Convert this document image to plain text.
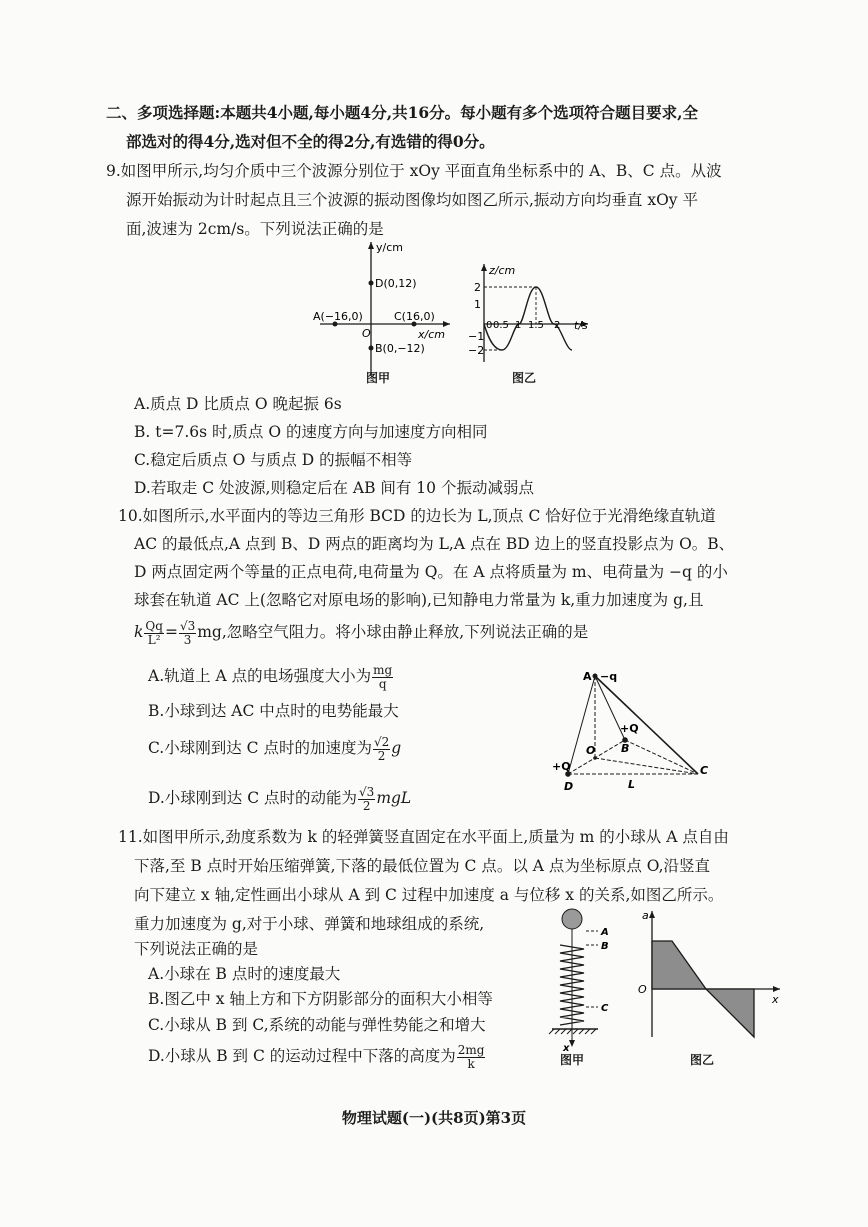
二、多项选择题:本题共4小题,每小题4分,共16分。每小题有多个选项符合题目要求,全
部选对的得4分,选对但不全的得2分,有选错的得0分。
9.如图甲所示,均匀介质中三个波源分别位于 xOy 平面直角坐标系中的 A、B、C 点。从波
源开始振动为计时起点且三个波源的振动图像均如图乙所示,振动方向均垂直 xOy 平
面,波速为 2cm/s。下列说法正确的是
y/cm
x/cm
O
D(0,12)
B(0,−12)
A(−16,0)	C(16,0)
图甲
z/cm
t/s
2
1
−1
−2
0 0.5 1 1.5 2
图乙
A.质点 D 比质点 O 晚起振 6s
B. t=7.6s 时,质点 O 的速度方向与加速度方向相同
C.稳定后质点 O 与质点 D 的振幅不相等
D.若取走 C 处波源,则稳定后在 AB 间有 10 个振动减弱点
10.如图所示,水平面内的等边三角形 BCD 的边长为 L,顶点 C 恰好位于光滑绝缘直轨道
AC 的最低点,A 点到 B、D 两点的距离均为 L,A 点在 BD 边上的竖直投影点为 O。B、
D 两点固定两个等量的正点电荷,电荷量为 Q。在 A 点将质量为 m、电荷量为 −q 的小
球套在轨道 AC 上(忽略它对原电场的影响),已知静电力常量为 k,重力加速度为 g,且
k $\frac{Qq}{\text{L²}} = \frac{√3}{3}$ mg,忽略空气阻力。将小球由静止释放,下列说法正确的是
A.轨道上 A 点的电场强度大小为 $\frac{mg}{q}$
B.小球到达 AC 中点时的电势能最大
C.小球刚到达 C 点时的加速度为 $\frac{√2}{2}$ g
D.小球刚到达 C 点时的动能为 $\frac{√3}{2}$ mgL
A −q
+Q
B
O
+Q	C
D	L
11.如图甲所示,劲度系数为 k 的轻弹簧竖直固定在水平面上,质量为 m 的小球从 A 点自由
下落,至 B 点时开始压缩弹簧,下落的最低位置为 C 点。以 A 点为坐标原点 O,沿竖直
向下建立 x 轴,定性画出小球从 A 到 C 过程中加速度 a 与位移 x 的关系,如图乙所示。
重力加速度为 g,对于小球、弹簧和地球组成的系统,
下列说法正确的是
A.小球在 B 点时的速度最大
B.图乙中 x 轴上方和下方阴影部分的面积大小相等
C.小球从 B 到 C,系统的动能与弹性势能之和增大
D.小球从 B 到 C 的运动过程中下落的高度为 $\frac{2mg}{k}$
A
B
C
x
图甲
a
O
x
图乙
物理试题(一)(共8页)第3页
